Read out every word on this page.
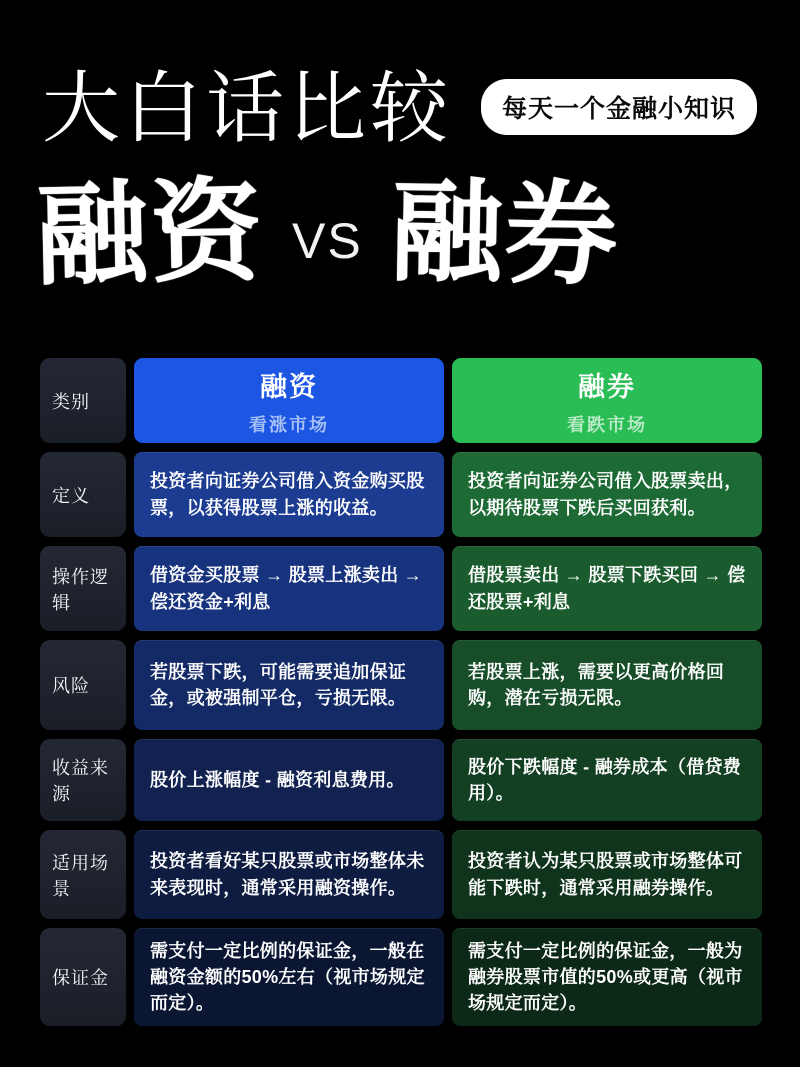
大白话比较	每天一个金融小知识
融资 VS 融券
类别	融资
看涨市场
融券
看跌市场
定义
投资者向证券公司借入资金购买股票，以获得股票上涨的收益。
投资者向证券公司借入股票卖出，以期待股票下跌后买回获利。
操作逻辑
借资金买股票 → 股票上涨卖出 → 偿还资金+利息
借股票卖出 → 股票下跌买回 → 偿还股票+利息
风险
若股票下跌，可能需要追加保证金，或被强制平仓，亏损无限。
若股票上涨，需要以更高价格回购，潜在亏损无限。
收益来源
股价上涨幅度 - 融资利息费用。
股价下跌幅度 - 融券成本（借贷费用）。
适用场景
投资者看好某只股票或市场整体未来表现时，通常采用融资操作。
投资者认为某只股票或市场整体可能下跌时，通常采用融券操作。
保证金
需支付一定比例的保证金，一般在融资金额的50%左右（视市场规定而定）。
需支付一定比例的保证金，一般为融券股票市值的50%或更高（视市场规定而定）。
